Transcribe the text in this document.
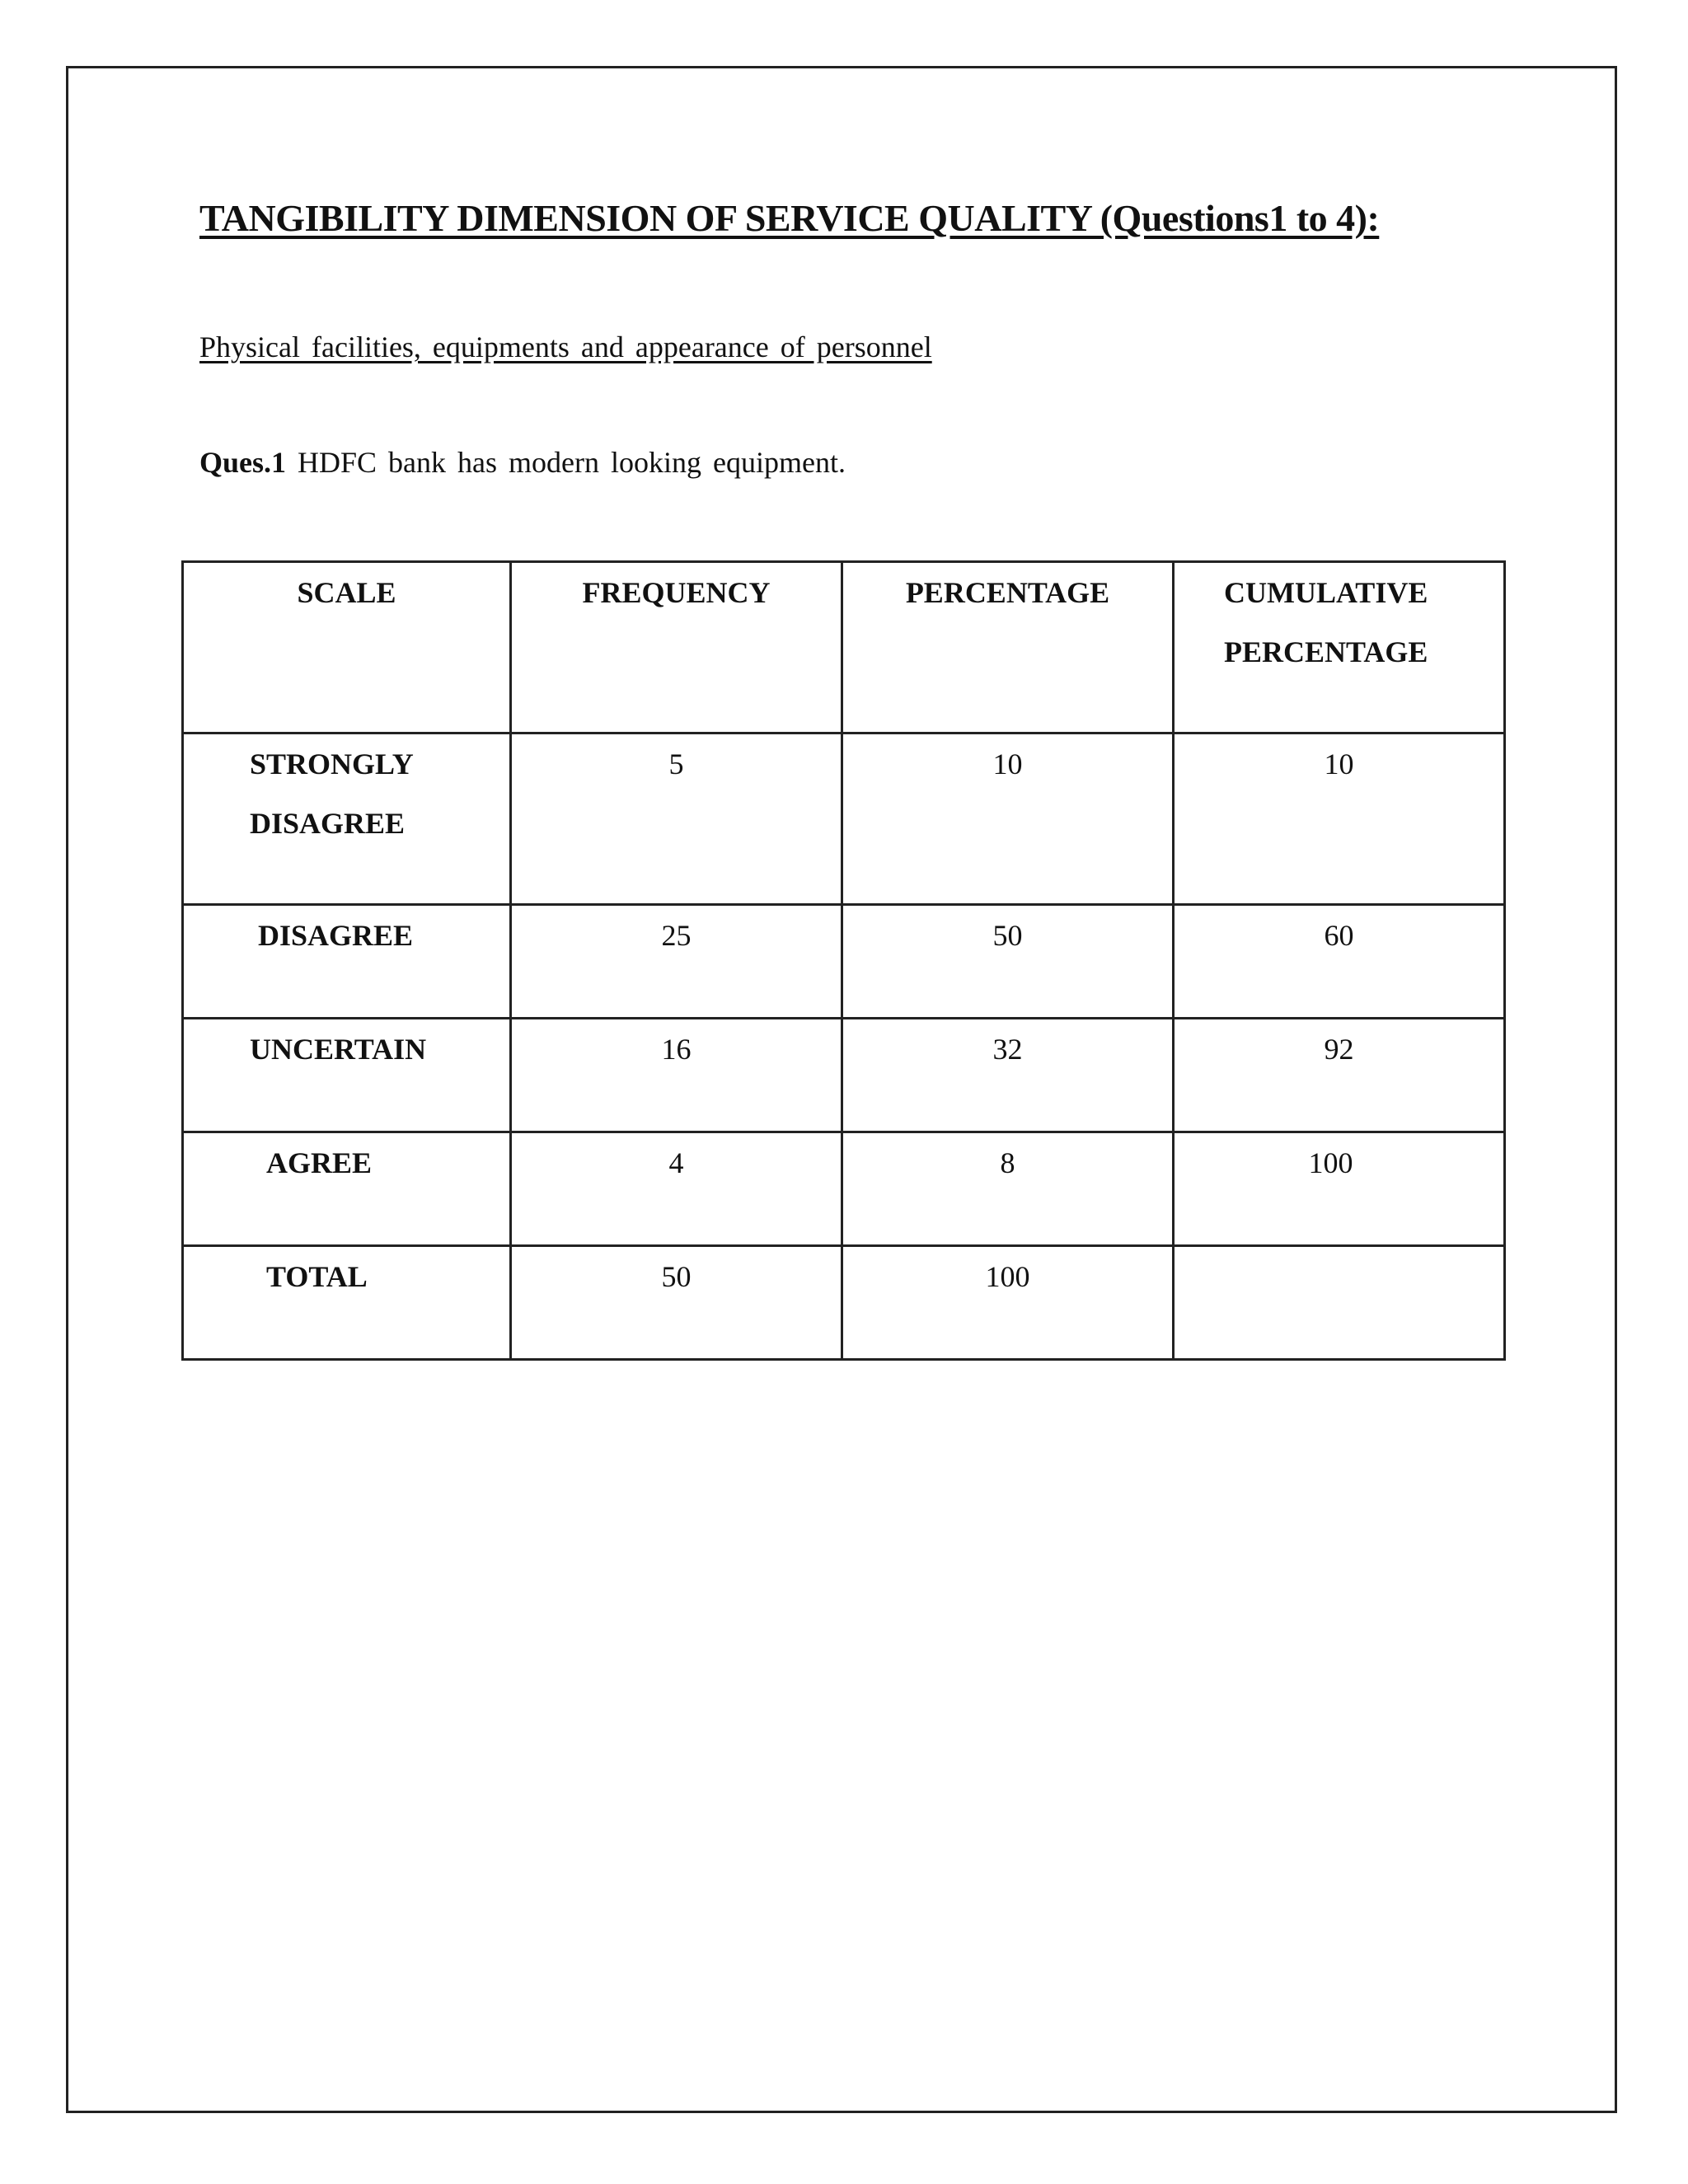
TANGIBILITY DIMENSION OF SERVICE QUALITY (Questions1 to 4):
Physical facilities, equipments and appearance of personnel
Ques.1 HDFC bank has modern looking equipment.
SCALE	FREQUENCY	PERCENTAGE	CUMULATIVE
PERCENTAGE

STRONGLY
DISAGREE	5	10	10

DISAGREE	25	50	60

UNCERTAIN	16	32	92

AGREE	4	8	100

TOTAL	50	100	
